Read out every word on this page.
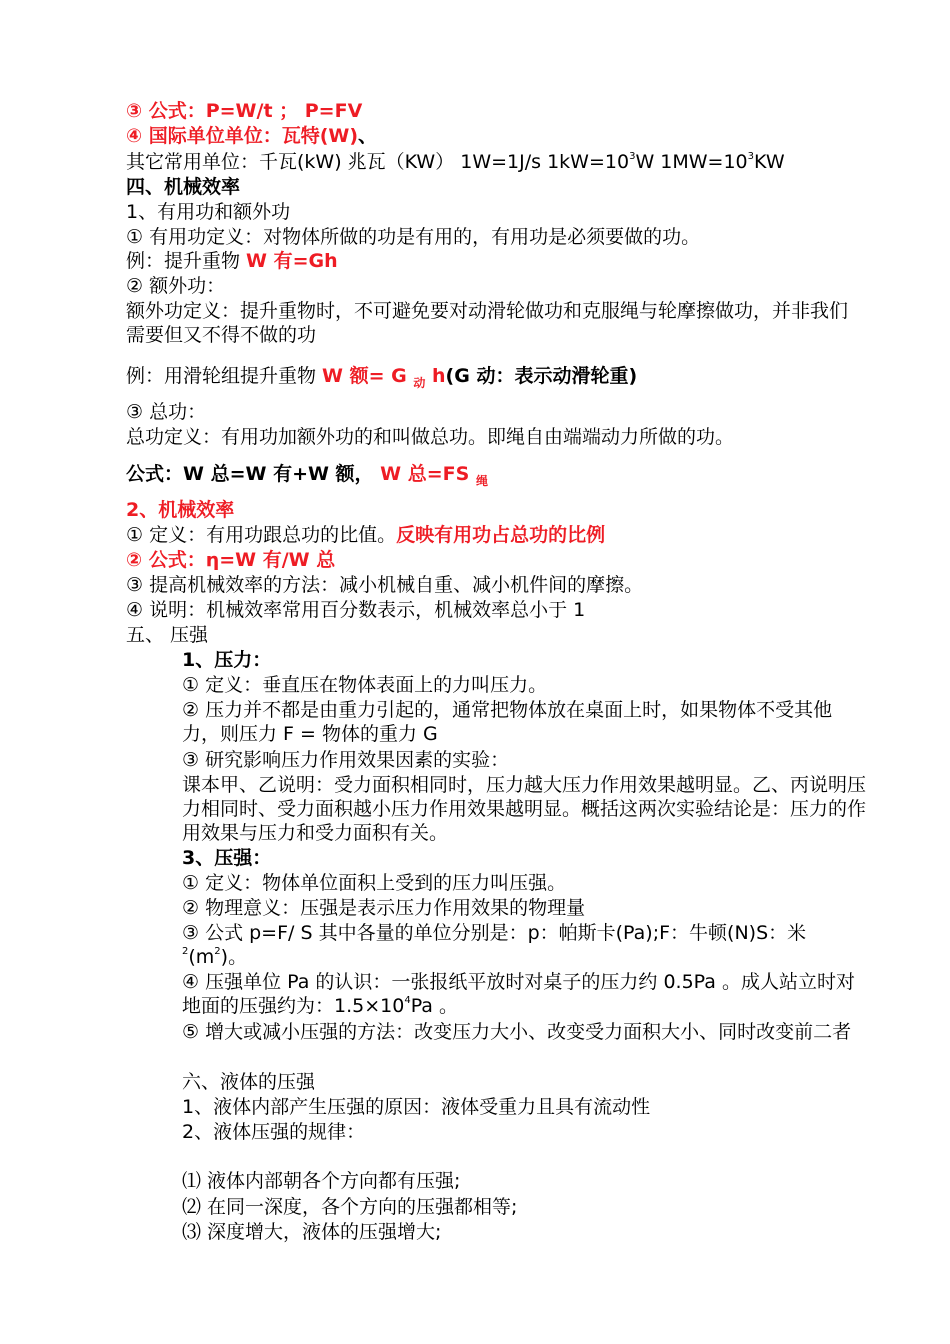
③ 公式：P=W/t ； P=FV
④ 国际单位单位：瓦特(W)、
其它常用单位：千瓦(kW) 兆瓦（KW） 1W=1J/s $1kW=10^3W$ $1MW=10^3KW$
四、机械效率
1、有用功和额外功
① 有用功定义：对物体所做的功是有用的，有用功是必须要做的功。
例：提升重物 W 有=Gh
② 额外功：
额外功定义：提升重物时，不可避免要对动滑轮做功和克服绳与轮摩擦做功，并非我们需要但又不得不做的功
例：用滑轮组提升重物 W 额= G $_动$ h(G 动：表示动滑轮重)
③ 总功：
总功定义：有用功加额外功的和叫做总功。即绳自由端端动力所做的功。
公式：W 总=W 有+W 额， W 总=FS $_绳$
2、机械效率
① 定义：有用功跟总功的比值。反映有用功占总功的比例
② 公式：η=W 有/W 总
③ 提高机械效率的方法：减小机械自重、减小机件间的摩擦。
④ 说明：机械效率常用百分数表示，机械效率总小于 1
五、 压强
1、压力：
① 定义：垂直压在物体表面上的力叫压力。
② 压力并不都是由重力引起的，通常把物体放在桌面上时，如果物体不受其他力，则压力 F = 物体的重力 G
③ 研究影响压力作用效果因素的实验：
课本甲、乙说明：受力面积相同时，压力越大压力作用效果越明显。乙、丙说明压力相同时、受力面积越小压力作用效果越明显。概括这两次实验结论是：压力的作用效果与压力和受力面积有关。
3、压强：
① 定义：物体单位面积上受到的压力叫压强。
② 物理意义：压强是表示压力作用效果的物理量
③ 公式 p=F/ S 其中各量的单位分别是：p：帕斯卡(Pa);F：牛顿(N)S：米$^2(m^2)$。
④ 压强单位 Pa 的认识：一张报纸平放时对桌子的压力约 0.5Pa 。成人站立时对地面的压强约为：$1.5\times 10^4Pa$ 。
⑤ 增大或减小压强的方法：改变压力大小、改变受力面积大小、同时改变前二者
六、液体的压强
1、液体内部产生压强的原因：液体受重力且具有流动性
2、液体压强的规律：
⑴ 液体内部朝各个方向都有压强;
⑵ 在同一深度，各个方向的压强都相等;
⑶ 深度增大，液体的压强增大;
